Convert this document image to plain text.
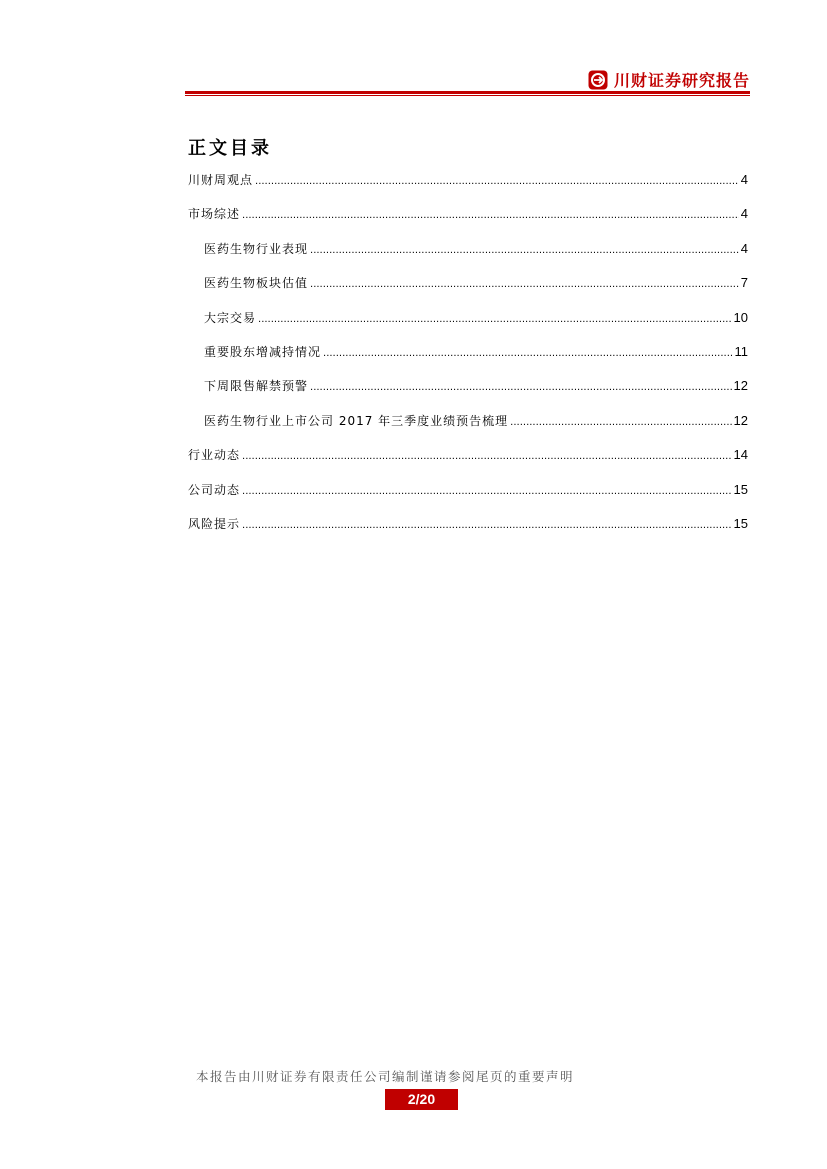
川财证券研究报告
正文目录
川财周观点 .....	4
市场综述 .....	4
医药生物行业表现 .....	4
医药生物板块估值 .....	7
大宗交易 .....	10
重要股东增减持情况 .....	11
下周限售解禁预警 .....	12
医药生物行业上市公司 2017 年三季度业绩预告梳理 .....	12
行业动态 .....	14
公司动态 .....	15
风险提示 .....	15
本报告由川财证券有限责任公司编制谨请参阅尾页的重要声明
2/20
